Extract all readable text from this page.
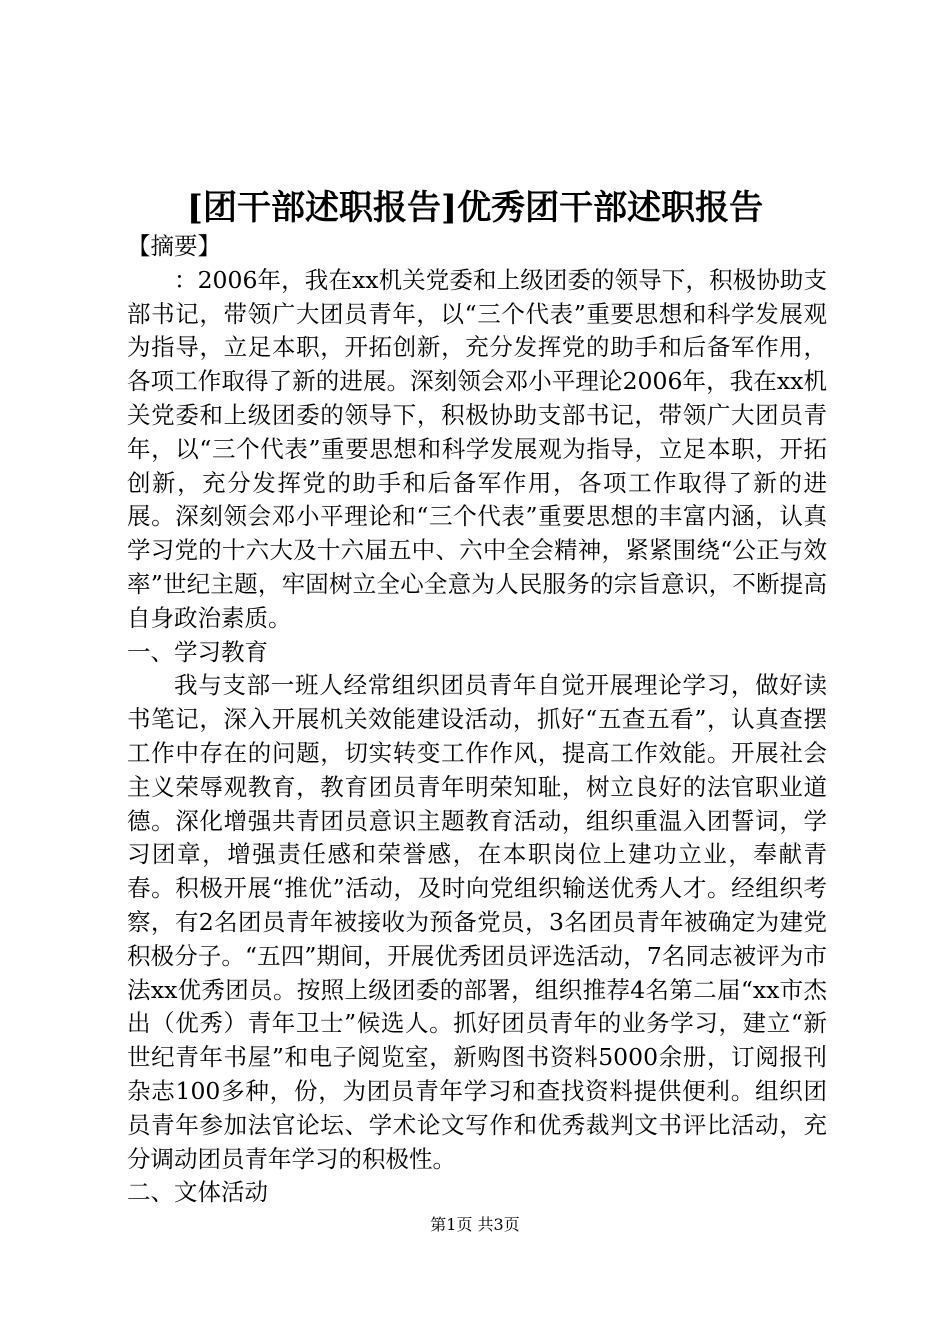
[团干部述职报告]优秀团干部述职报告

【摘要】

：2006年，我在xx机关党委和上级团委的领导下，积极协助支部书记，带领广大团员青年，以“三个代表”重要思想和科学发展观为指导，立足本职，开拓创新，充分发挥党的助手和后备军作用，各项工作取得了新的进展。深刻领会邓小平理论2006年，我在xx机关党委和上级团委的领导下，积极协助支部书记，带领广大团员青年，以“三个代表”重要思想和科学发展观为指导，立足本职，开拓创新，充分发挥党的助手和后备军作用，各项工作取得了新的进展。深刻领会邓小平理论和“三个代表”重要思想的丰富内涵，认真学习党的十六大及十六届五中、六中全会精神，紧紧围绕“公正与效率”世纪主题，牢固树立全心全意为人民服务的宗旨意识，不断提高自身政治素质。

一、学习教育

我与支部一班人经常组织团员青年自觉开展理论学习，做好读书笔记，深入开展机关效能建设活动，抓好“五查五看”，认真查摆工作中存在的问题，切实转变工作作风，提高工作效能。开展社会主义荣辱观教育，教育团员青年明荣知耻，树立良好的法官职业道德。深化增强共青团员意识主题教育活动，组织重温入团誓词，学习团章，增强责任感和荣誉感，在本职岗位上建功立业，奉献青春。积极开展“推优”活动，及时向党组织输送优秀人才。经组织考察，有2名团员青年被接收为预备党员，3名团员青年被确定为建党积极分子。“五四”期间，开展优秀团员评选活动，7名同志被评为市法xx优秀团员。按照上级团委的部署，组织推荐4名第二届“xx市杰出（优秀）青年卫士”候选人。抓好团员青年的业务学习，建立“新世纪青年书屋”和电子阅览室，新购图书资料5000余册，订阅报刊杂志100多种，份，为团员青年学习和查找资料提供便利。组织团员青年参加法官论坛、学术论文写作和优秀裁判文书评比活动，充分调动团员青年学习的积极性。

二、文体活动

第1页 共3页
